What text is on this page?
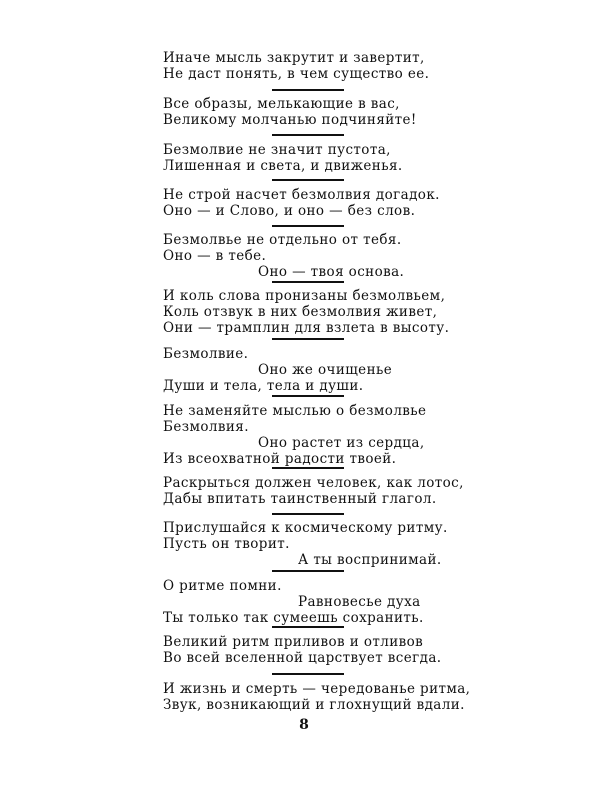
Иначе мысль закрутит и завертит,
Не даст понять, в чем существо ее.
Все образы, мелькающие в вас,
Великому молчанью подчиняйте!
Безмолвие не значит пустота,
Лишенная и света, и движенья.
Не строй насчет безмолвия догадок.
Оно — и Слово, и оно — без слов.
Безмолвье не отдельно от тебя.
Оно — в тебе.
Оно — твоя основа.
И коль слова пронизаны безмолвьем,
Коль отзвук в них безмолвия живет,
Они — трамплин для взлета в высоту.
Безмолвие.
Оно же очищенье
Души и тела, тела и души.
Не заменяйте мыслью о безмолвье
Безмолвия.
Оно растет из сердца,
Из всеохватной радости твоей.
Раскрыться должен человек, как лотос,
Дабы впитать таинственный глагол.
Прислушайся к космическому ритму.
Пусть он творит.
А ты воспринимай.
О ритме помни.
Равновесье духа
Ты только так сумеешь сохранить.
Великий ритм приливов и отливов
Во всей вселенной царствует всегда.
И жизнь и смерть — чередованье ритма,
Звук, возникающий и глохнущий вдали.
8
